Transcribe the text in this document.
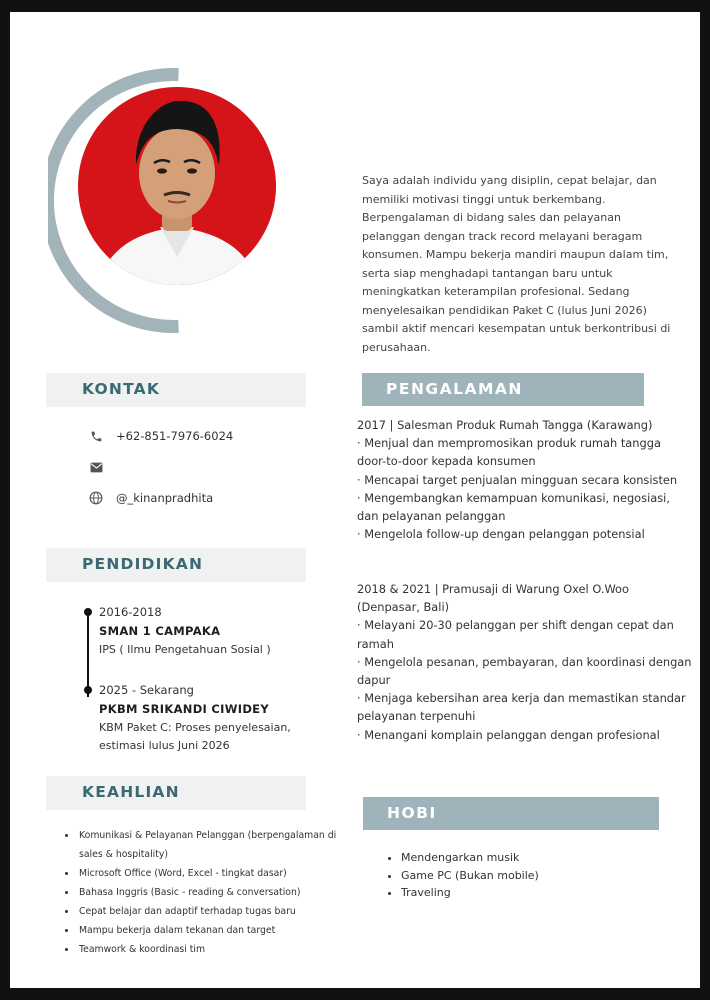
Saya adalah individu yang disiplin, cepat belajar, dan memiliki motivasi tinggi untuk berkembang. Berpengalaman di bidang sales dan pelayanan pelanggan dengan track record melayani beragam konsumen. Mampu bekerja mandiri maupun dalam tim, serta siap menghadapi tantangan baru untuk meningkatkan keterampilan profesional. Sedang menyelesaikan pendidikan Paket C (lulus Juni 2026) sambil aktif mencari kesempatan untuk berkontribusi di perusahaan.
KONTAK
+62-851-7976-6024
@_kinanpradhita
PENDIDIKAN
2016-2018
SMAN 1 CAMPAKA
IPS ( Ilmu Pengetahuan Sosial )
2025 - Sekarang
PKBM SRIKANDI CIWIDEY
KBM Paket C: Proses penyelesaian, estimasi lulus Juni 2026
KEAHLIAN
• Komunikasi & Pelayanan Pelanggan (berpengalaman di sales & hospitality)
• Microsoft Office (Word, Excel - tingkat dasar)
• Bahasa Inggris (Basic - reading & conversation)
• Cepat belajar dan adaptif terhadap tugas baru
• Mampu bekerja dalam tekanan dan target
• Teamwork & koordinasi tim
PENGALAMAN
2017 | Salesman Produk Rumah Tangga (Karawang)
· Menjual dan mempromosikan produk rumah tangga door-to-door kepada konsumen
· Mencapai target penjualan mingguan secara konsisten
· Mengembangkan kemampuan komunikasi, negosiasi, dan pelayanan pelanggan
· Mengelola follow-up dengan pelanggan potensial
2018 & 2021 | Pramusaji di Warung Oxel O.Woo (Denpasar, Bali)
· Melayani 20-30 pelanggan per shift dengan cepat dan ramah
· Mengelola pesanan, pembayaran, dan koordinasi dengan dapur
· Menjaga kebersihan area kerja dan memastikan standar pelayanan terpenuhi
· Menangani komplain pelanggan dengan profesional
HOBI
• Mendengarkan musik
• Game PC (Bukan mobile)
• Traveling
